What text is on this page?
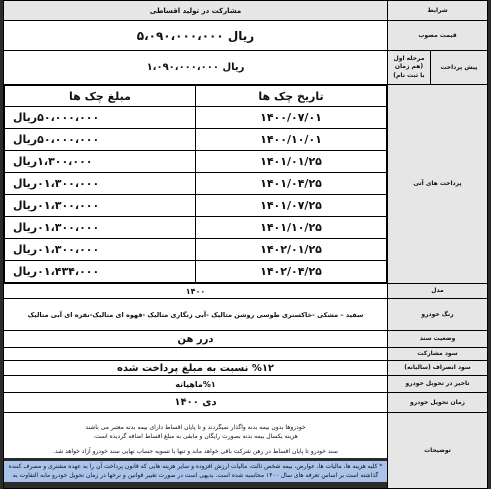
شرایط	مشارکت در تولید اقساطی
قیمت مصوب	۵،۰۹۰،۰۰۰،۰۰۰ ریال

پیش پرداخت	
مرحله اول
(هم زمان با ثبت نام)
	۱،۰۹۰،۰۰۰،۰۰۰ ریال
پرداخت های آتی	
تاریخ چک ها	مبلغ چک ها
۱۴۰۰/۰۷/۰۱	۵۰،۰۰۰،۰۰۰ریال
۱۴۰۰/۱۰/۰۱	۵۰،۰۰۰،۰۰۰ریال
۱۴۰۱/۰۱/۲۵	۱،۳۰۰،۰۰۰ریال
۱۴۰۱/۰۴/۲۵	۰۱،۳۰۰،۰۰۰ریال
۱۴۰۱/۰۷/۲۵	۰۱،۳۰۰،۰۰۰ریال
۱۴۰۱/۱۰/۲۵	۰۱،۳۰۰،۰۰۰ریال
۱۴۰۲/۰۱/۲۵	۰۱،۳۰۰،۰۰۰ریال
۱۴۰۲/۰۴/۲۵	۰۱،۴۳۴،۰۰۰ریال

مدل	۱۴۰۰
رنگ خودرو	سفید – مشکی -خاکستری طوسی روشن متالیک -آبی زنگاری متالیک -قهوه ای متالیک-نقره ای آبی متالیک
وضعیت سند	درر هن
سود مشارکت	
سود انصراف (سالیانه)	%۱۲ نسبت به مبلغ پرداخت شده
تاخیر در تحویل خودرو	%۱ماهیانه
زمان تحویل خودرو	دی ۱۴۰۰
توضیحات	
خودروها بدون بیمه بدنه واگذار نمیگردند و تا پایان اقساط دارای بیمه بدنه معتبر می باشند
هزینه یکسال بیمه بدنه بصورت رایگان و مابقی به مبلغ اقساط اضافه گردیده است.
سند خودرو تا پایان اقساط در رهن شرکت باقی خواهد ماند و تنها با تسویه حساب نهایی سند خودرو آزاد خواهد شد.
* کلیه هزینه ها، مالیات ها، عوارض، بیمه شخص ثالث، مالیات ارزش افزوده و سایر هزینه هایی که قانون پرداخت آن را به عهده مشتری و مصرف کننده
گذاشته است بر اساس تعرفه های سال ۱۴۰۰ محاسبه شده است. بدیهی است در صورت تغییر قوانین و نرخها در زمان تحویل خودرو مابه التفاوت به
